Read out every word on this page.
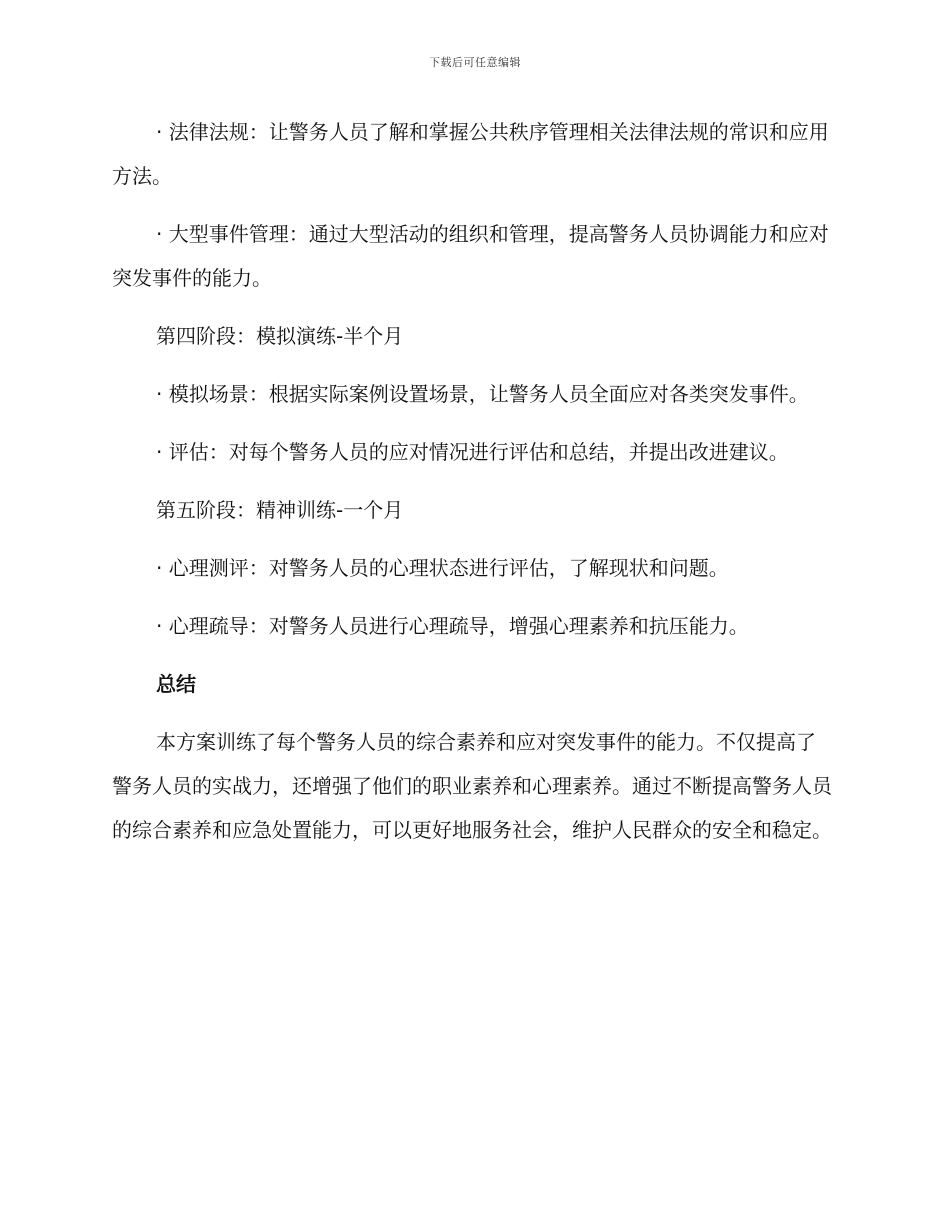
下载后可任意编辑

· 法律法规：让警务人员了解和掌握公共秩序管理相关法律法规的常识和应用方法。

· 大型事件管理：通过大型活动的组织和管理，提高警务人员协调能力和应对突发事件的能力。

第四阶段：模拟演练-半个月

· 模拟场景：根据实际案例设置场景，让警务人员全面应对各类突发事件。

· 评估：对每个警务人员的应对情况进行评估和总结，并提出改进建议。

第五阶段：精神训练-一个月

· 心理测评：对警务人员的心理状态进行评估，了解现状和问题。

· 心理疏导：对警务人员进行心理疏导，增强心理素养和抗压能力。

总结

本方案训练了每个警务人员的综合素养和应对突发事件的能力。不仅提高了警务人员的实战力，还增强了他们的职业素养和心理素养。通过不断提高警务人员的综合素养和应急处置能力，可以更好地服务社会，维护人民群众的安全和稳定。
